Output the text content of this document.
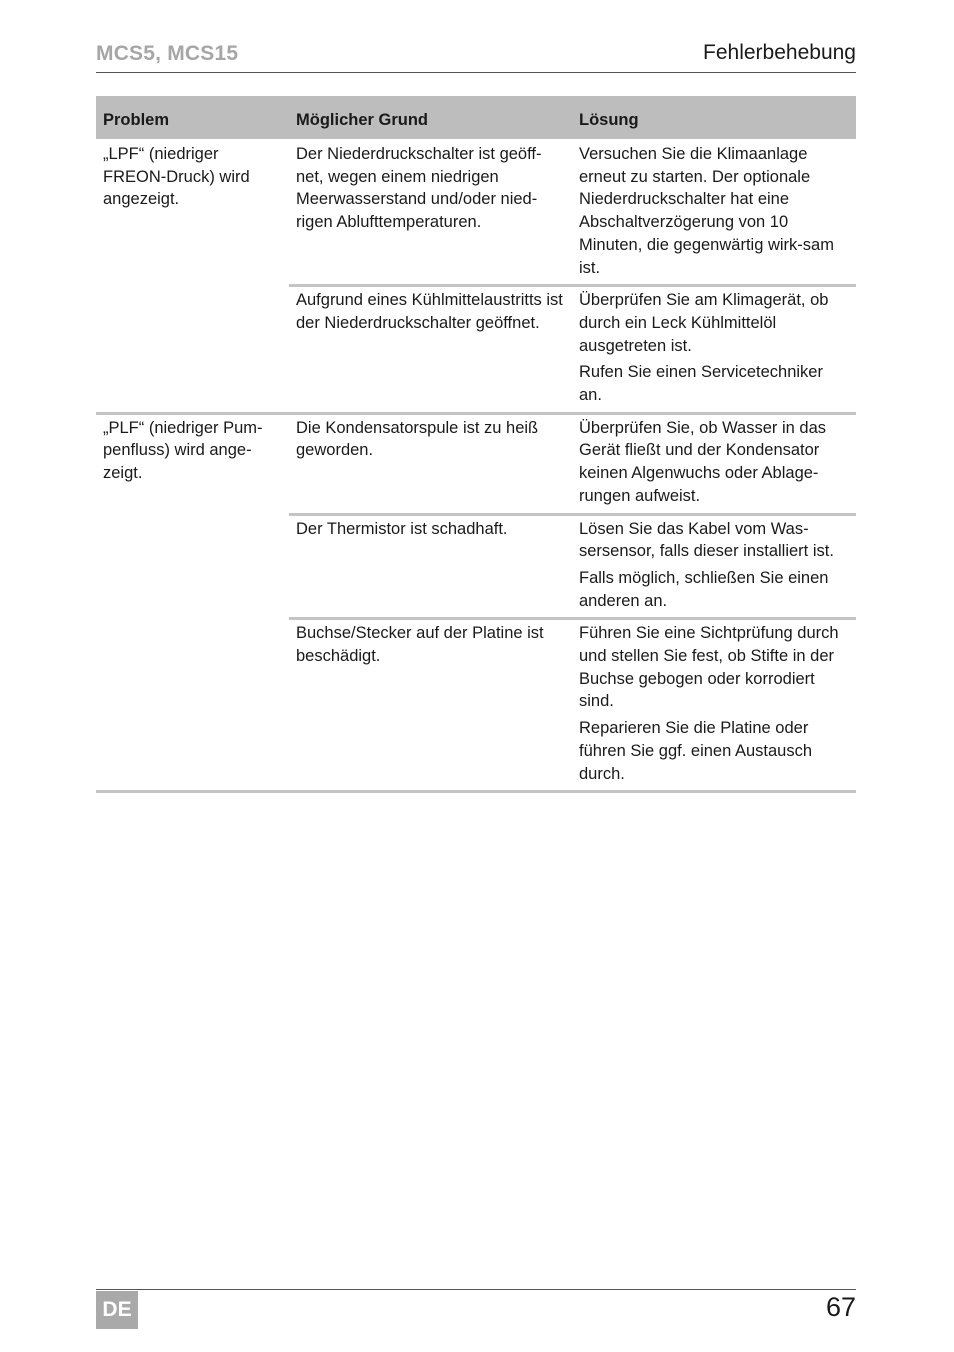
MCS5, MCS15	Fehlerbehebung
Problem	Möglicher Grund	Lösung
„LPF“ (niedriger FREON-Druck) wird angezeigt.	Der Niederdruckschalter ist geöff-net, wegen einem niedrigen Meerwasserstand und/oder nied-rigen Ablufttemperaturen.	Versuchen Sie die Klimaanlage erneut zu starten. Der optionale Niederdruckschalter hat eine Abschaltverzögerung von 10 Minuten, die gegenwärtig wirk-sam ist.

	Aufgrund eines Kühlmittelaustritts ist der Niederdruckschalter geöffnet.	Überprüfen Sie am Klimagerät, ob durch ein Leck Kühlmittelöl ausgetreten ist.

Rufen Sie einen Servicetechniker an.

„PLF“ (niedriger Pum-penfluss) wird ange-zeigt.	Die Kondensatorspule ist zu heiß geworden.	Überprüfen Sie, ob Wasser in das Gerät fließt und der Kondensator keinen Algenwuchs oder Ablage-rungen aufweist.

	Der Thermistor ist schadhaft.	Lösen Sie das Kabel vom Was-sersensor, falls dieser installiert ist.

Falls möglich, schließen Sie einen anderen an.

	Buchse/Stecker auf der Platine ist beschädigt.	Führen Sie eine Sichtprüfung durch und stellen Sie fest, ob Stifte in der Buchse gebogen oder korrodiert sind.

Reparieren Sie die Platine oder führen Sie ggf. einen Austausch durch.

DE	67
